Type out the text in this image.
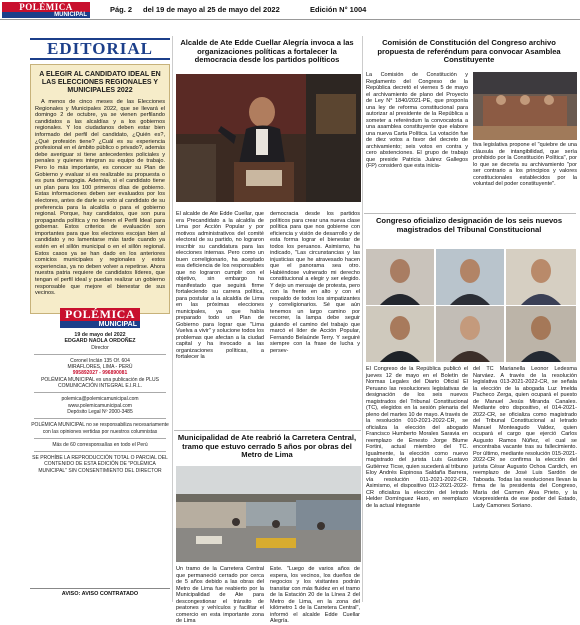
POLÉMICA
MUNICIPAL
Pág. 2 del 19 de mayo al 25 de mayo del 2022	Edición N° 1004
EDITORIAL
A ELEGIR AL CANDIDATO IDEAL EN LAS ELECCIONES REGIONALES Y MUNICIPALES 2022
A menos de cinco meses de las Elecciones Regionales y Municipales 2022, que se llevará el domingo 2 de octubre, ya se vienen perfilando candidatos a las alcaldías y a los gobiernos regionales. Y los ciudadanos deben estar bien informado del perfil del candidato, ¿Quién es?, ¿Qué profesión tiene? ¿Cuál es su experiencia profesional en el ámbito público o privado?, además debe averiguar si tiene antecedentes policiales y penales y quienes integran su equipo de trabajo. Pero lo más importante, es conocer su Plan de Gobierno y evaluar si es realizable su propuesta o es pura demagogia. Además, si el candidato tiene un plan para los 100 primeros días de gobierno. Estas informaciones deben ser evaluados por los electores, antes de darle su voto al candidato de su preferencia para la alcaldía o para el gobierno regional. Porque, hay candidatos, que son pura propaganda política y no tienen el Perfil Ideal para gobernar. Estos criterios de evaluación son importantes para que los electores escojan bien al candidato y no lamentarse más tarde cuando ya estén en el sillón municipal o en el sillón regional. Estos casos ya se han dado en los anteriores comicios municipales y regionales y estos experiencias, ya no deben volver a repetirse. Ahora nuestra patria requiere de candidatos líderes, que tengan el perfil ideal y puedan realizar un gobierno responsable que mejore el bienestar de sus vecinos.
POLÉMICA
MUNICIPAL
19 de mayo del 2022
EDGARD NAOLA ORDOÑEZ
Director
Coronel Inclán 135 Of. 604
MIRAFLORES, LIMA - PERÚ
995892027 - 996890081
POLÉMICA MUNICIPAL es una publicación de PLUS COMUNICACIÓN INTEGRAL E.I.R.L.
polemica@polemicamunicipal.com
www.polemicamunicipal.com
Depósito Legal Nº 2000-3485
POLÉMICA MUNICIPAL no se responsabiliza necesariamente con las opiniones vertidas por nuestros columnistas
Más de 60 corresponsalías en todo el Perú
SE PROHÍBE LA REPRODUCCIÓN TOTAL O PARCIAL DEL CONTENIDO DE ESTA EDICIÓN DE "POLÉMICA MUNICIPAL" SIN CONSENTIMIENTO DEL DIRECTOR
AVISO: AVISO CONTRATADO
Alcalde de Ate Edde Cuellar Alegría invoca a las organizaciones políticas a fortalecer la democracia desde los partidos políticos
El alcalde de Ate Edde Cuellar, que era Precandidato a la alcaldía de Lima por Acción Popular y por motivos administrativos del comité electoral de su partido, no lograron inscribir su candidatura para las elecciones internas. Pero como un buen correligionario, ha aceptado esa deficiencia de los responsables que no lograron cumplir con el objetivo, sin embargo ha manifestado que seguirá firme fortaleciendo su carrera política, para postular a la alcaldía de Lima en las próximas elecciones municipales, ya que había preparado todo un Plan de Gobierno para lograr que "Lima Vuelva a vivir" y solucione todos los problemas que afectan a la ciudad capital y ha invocado a las organizaciones políticas, a fortalecer la
democracia desde los partidos políticos para crear una nueva clase política para que nos gobierne con eficiencia y visión de desarrollo y de esta forma lograr el bienestar de todos los peruanos. Asimismo, ha indicado, "Las circunstancias y las injusticias que he atravesado hacen que el panorama sea otro. Habiéndose vulnerado mi derecho constitucional a elegir y ser elegido. Y dejo un mensaje de protesta, pero con la frente en alto y con el respaldo de todos los simpatizantes y correligionarios. Sé que aún tenemos un largo camino por recorrer, la lampa debe seguir guiando el camino del trabajo que marcó el líder de Acción Popular, Fernando Belaúnde Terry. Y seguiré siempre con la frase de lucha y persev-
Municipalidad de Ate reabrió la Carretera Central, tramo que estuvo cerrado 5 años por obras del Metro de Lima
Un tramo de la Carretera Central que permaneció cerrado por cerca de 5 años debido a las obras del Metro de Lima fue reabierto por la Municipalidad de Ate para descongestionar el tránsito de peatones y vehículos y facilitar el comercio en esta importante zona de Lima
Este. "Luego de varios años de espera, los vecinos, los dueños de negocios y los visitantes podrán transitar con más fluidez en el tramo de la Estación 20 de la Línea 2 del Metro de Lima, en la zona del kilómetro 1 de la Carretera Central", informó el alcalde Edde Cuellar Alegría.
Comisión de Constitución del Congreso archivo propuesta de referéndum para convocar Asamblea Constituyente
La Comisión de Constitución y Reglamento del Congreso de la República decretó el viernes 5 de mayo el archivamiento de plano del Proyecto de Ley N° 1840/2021-PE, que proponía una ley de reforma constitucional para autorizar al presidente de la República a someter a referéndum la convocatoria a una asamblea constituyente que elabore una nueva Carta Política. La votación fue de diez votos a favor del decreto de archivamiento; seis votos en contra y cero abstenciones. El grupo de trabajo que preside Patricia Juárez Gallegos (FP) consideró que esta inicia-
tiva legislativa propone el "quiebre de una cláusula de intangibilidad, que sería prohibido por la Constitución Política", por lo que se decreta su archivamiento "por ser contrario a los principios y valores constitucionales establecidos por la voluntad del poder constituyente".
Congreso oficializo designación de los seis nuevos magistrados del Tribunal Constitucional
El Congreso de la República publicó el jueves 12 de mayo en el Boletín de Normas Legales del Diario Oficial El Peruano las resoluciones legislativas de designación de los seis nuevos magistrados del Tribunal Constitucional (TC), elegidos en la sesión plenaria del pleno del martes 10 de mayo. A través de la resolución 010-2021-2022-CR, se oficializa la elección del abogado Francisco Humberto Morales Saravia en reemplazo de Ernesto Jorge Blume Fortini, actual miembro del TC. Igualmente, la elección como nuevo magistrado del jurista Luis Gustavo Gutiérrez Ticse, quien sucederá al tribuno Eloy Andrés Espinosa Saldaña Barrera, vía resolución 011-2021-2022-CR. Asimismo, el dispositivo 012-2021-2022-CR oficializa la elección del letrado Helder Domínguez Haro, en reemplazo de la actual integrante
del TC Marianella Leonor Ledesma Narváez. A través de la resolución legislativa 013-2021-2022-CR, se señala la elección de la abogada Luz Imelda Pacheco Zerga, quien ocupará el puesto de Manuel Jesús Miranda Canales. Mediante otro dispositivo, el 014-2021-2022-CR, se oficializa como magistrado del Tribunal Constitucional al letrado Manuel Monteagudo Valdez, quien ocupará el cargo que ejerció Carlos Augusto Ramos Núñez, el cual se encontraba vacante tras su fallecimiento. Por último, mediante resolución 015-2021-2022-CR se confirma la elección del jurista César Augusto Ochoa Cardich, en reemplazo de José Luis Sardón de Taboada. Todas las resoluciones llevan la firma de la presidenta del Congreso, María del Carmen Alva Prieto, y la vicepresidenta de ese poder del Estado, Lady Camones Soriano.
